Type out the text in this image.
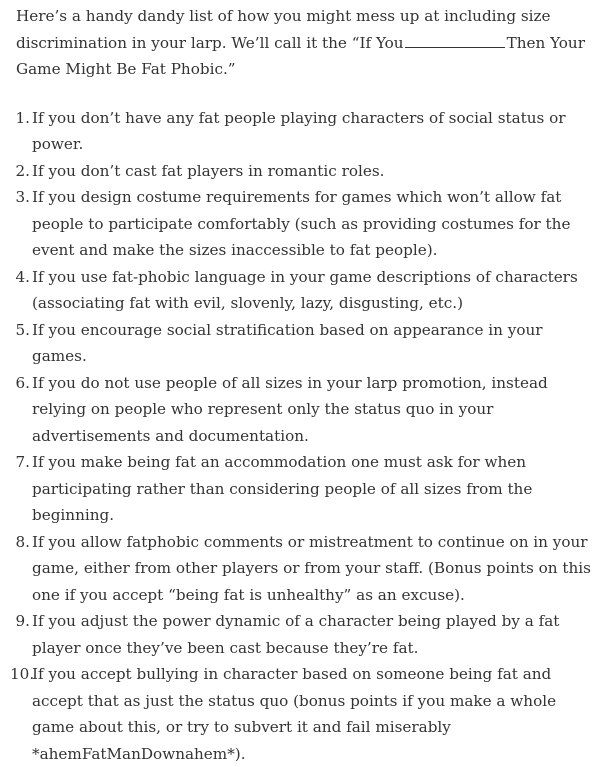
Here’s a handy dandy list of how you might mess up at including size discrimination in your larp. We’ll call it the “If You	Then Your Game Might Be Fat Phobic.”

1. If you don’t have any fat people playing characters of social status or power.
2. If you don’t cast fat players in romantic roles.
3. If you design costume requirements for games which won’t allow fat people to participate comfortably (such as providing costumes for the event and make the sizes inaccessible to fat people).
4. If you use fat-phobic language in your game descriptions of characters (associating fat with evil, slovenly, lazy, disgusting, etc.)
5. If you encourage social stratification based on appearance in your games.
6. If you do not use people of all sizes in your larp promotion, instead relying on people who represent only the status quo in your advertisements and documentation.
7. If you make being fat an accommodation one must ask for when participating rather than considering people of all sizes from the beginning.
8. If you allow fatphobic comments or mistreatment to continue on in your game, either from other players or from your staff. (Bonus points on this one if you accept “being fat is unhealthy” as an excuse).
9. If you adjust the power dynamic of a character being played by a fat player once they’ve been cast because they’re fat.
10.
If you accept bullying in character based on someone being fat and accept that as just the status quo (bonus points if you make a whole game about this, or try to subvert it and fail miserably *ahemFatManDownahem*).
